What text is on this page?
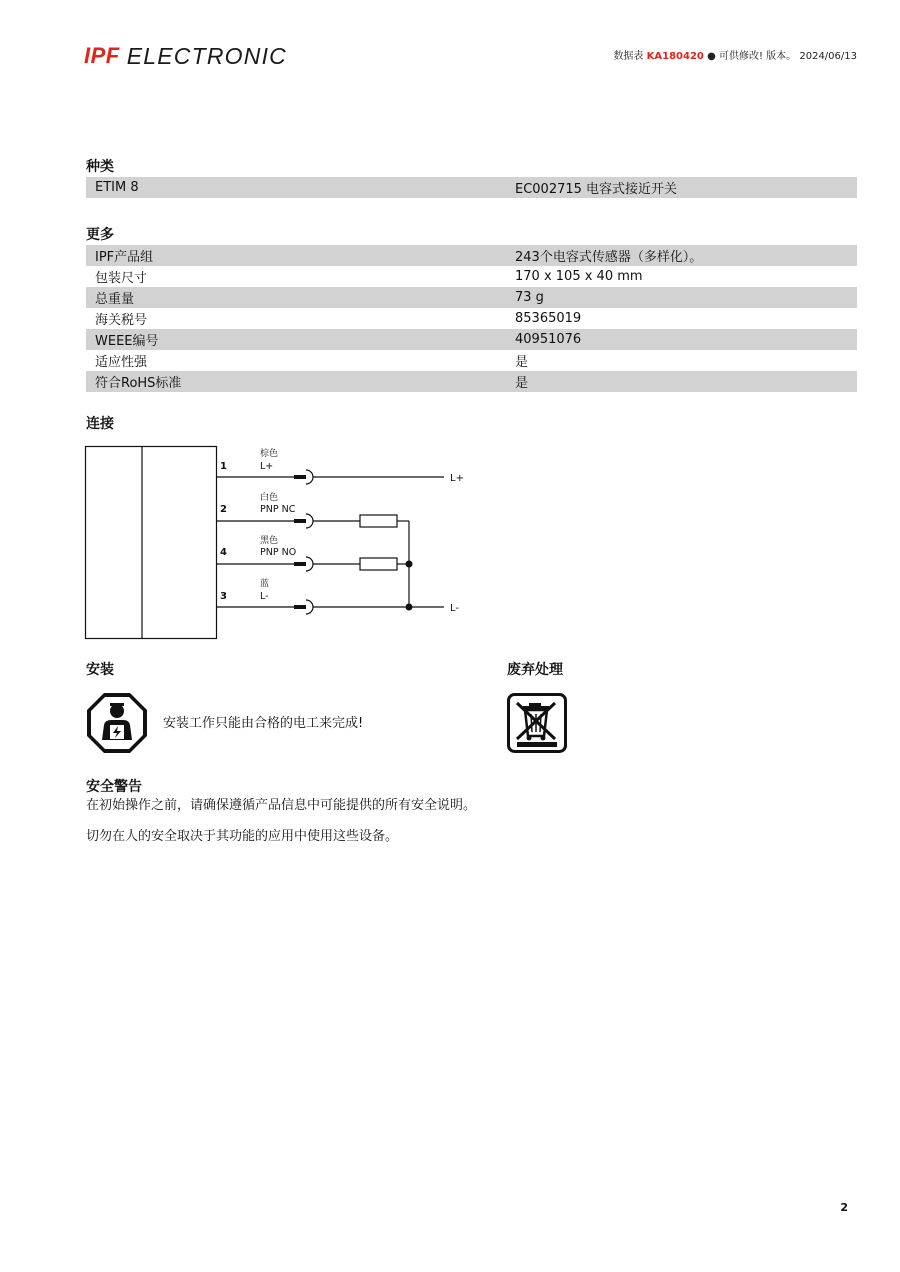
IPF ELECTRONIC	数据表 KA180420 ● 可供修改! 版本。 2024/06/13
种类
ETIM 8	EC002715 电容式接近开关
更多
IPF产品组	243个电容式传感器（多样化）。
包装尺寸	170 x 105 x 40 mm
总重量	73 g
海关税号	85365019
WEEE编号	40951076
适应性强	是
符合RoHS标准	是
连接
1
棕色
L+
L+
2
白色
PNP NC
4
黑色
PNP NO
3
蓝
L-
L-
安装
安装工作只能由合格的电工来完成!
废弃处理
安全警告
在初始操作之前，请确保遵循产品信息中可能提供的所有安全说明。
切勿在人的安全取决于其功能的应用中使用这些设备。
2
